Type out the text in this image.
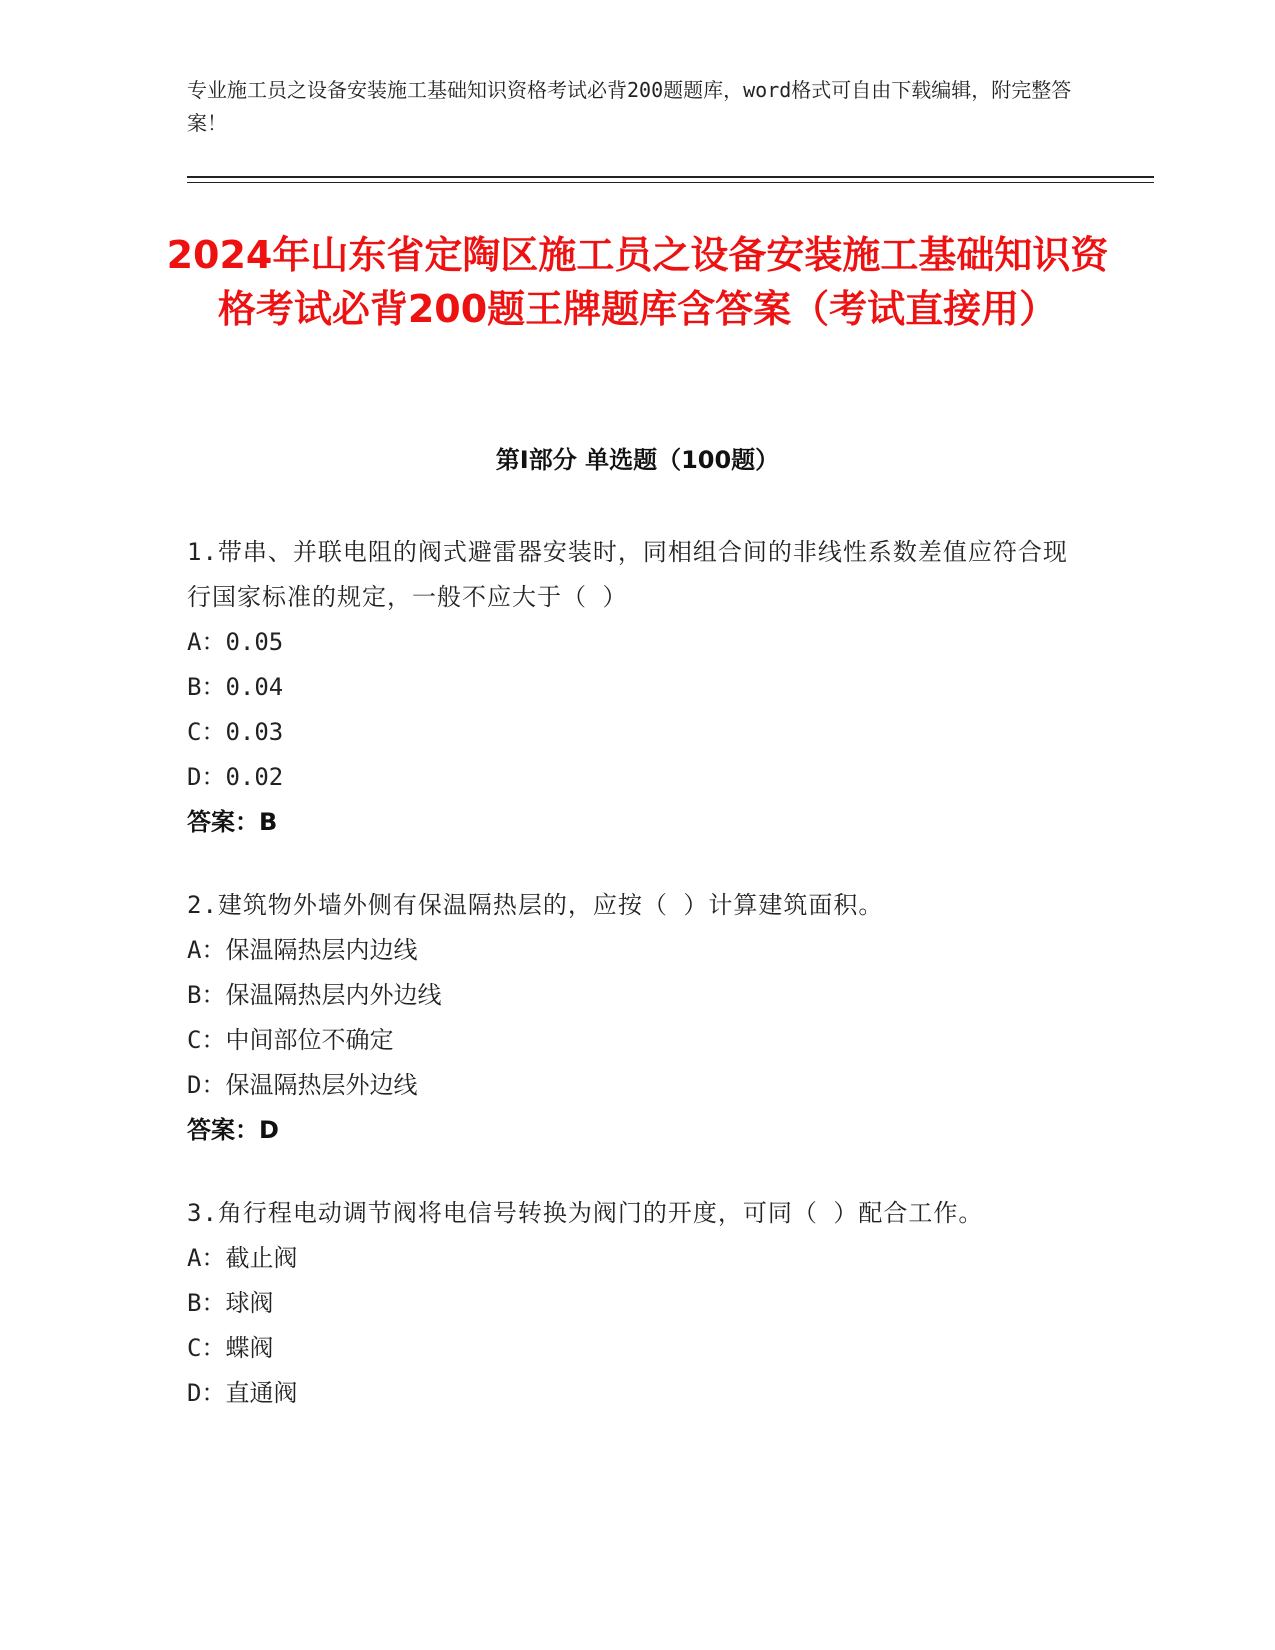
专业施工员之设备安装施工基础知识资格考试必背200题题库，word格式可自由下载编辑，附完整答案！
2024年山东省定陶区施工员之设备安装施工基础知识资格考试必背200题王牌题库含答案（考试直接用）
第Ⅰ部分 单选题（100题）
1.带串、并联电阻的阀式避雷器安装时，同相组合间的非线性系数差值应符合现行国家标准的规定，一般不应大于（ ）
A：0.05
B：0.04
C：0.03
D：0.02
答案：B
2.建筑物外墙外侧有保温隔热层的，应按（ ）计算建筑面积。
A：保温隔热层内边线
B：保温隔热层内外边线
C：中间部位不确定
D：保温隔热层外边线
答案：D
3.角行程电动调节阀将电信号转换为阀门的开度，可同（ ）配合工作。
A：截止阀
B：球阀
C：蝶阀
D：直通阀
